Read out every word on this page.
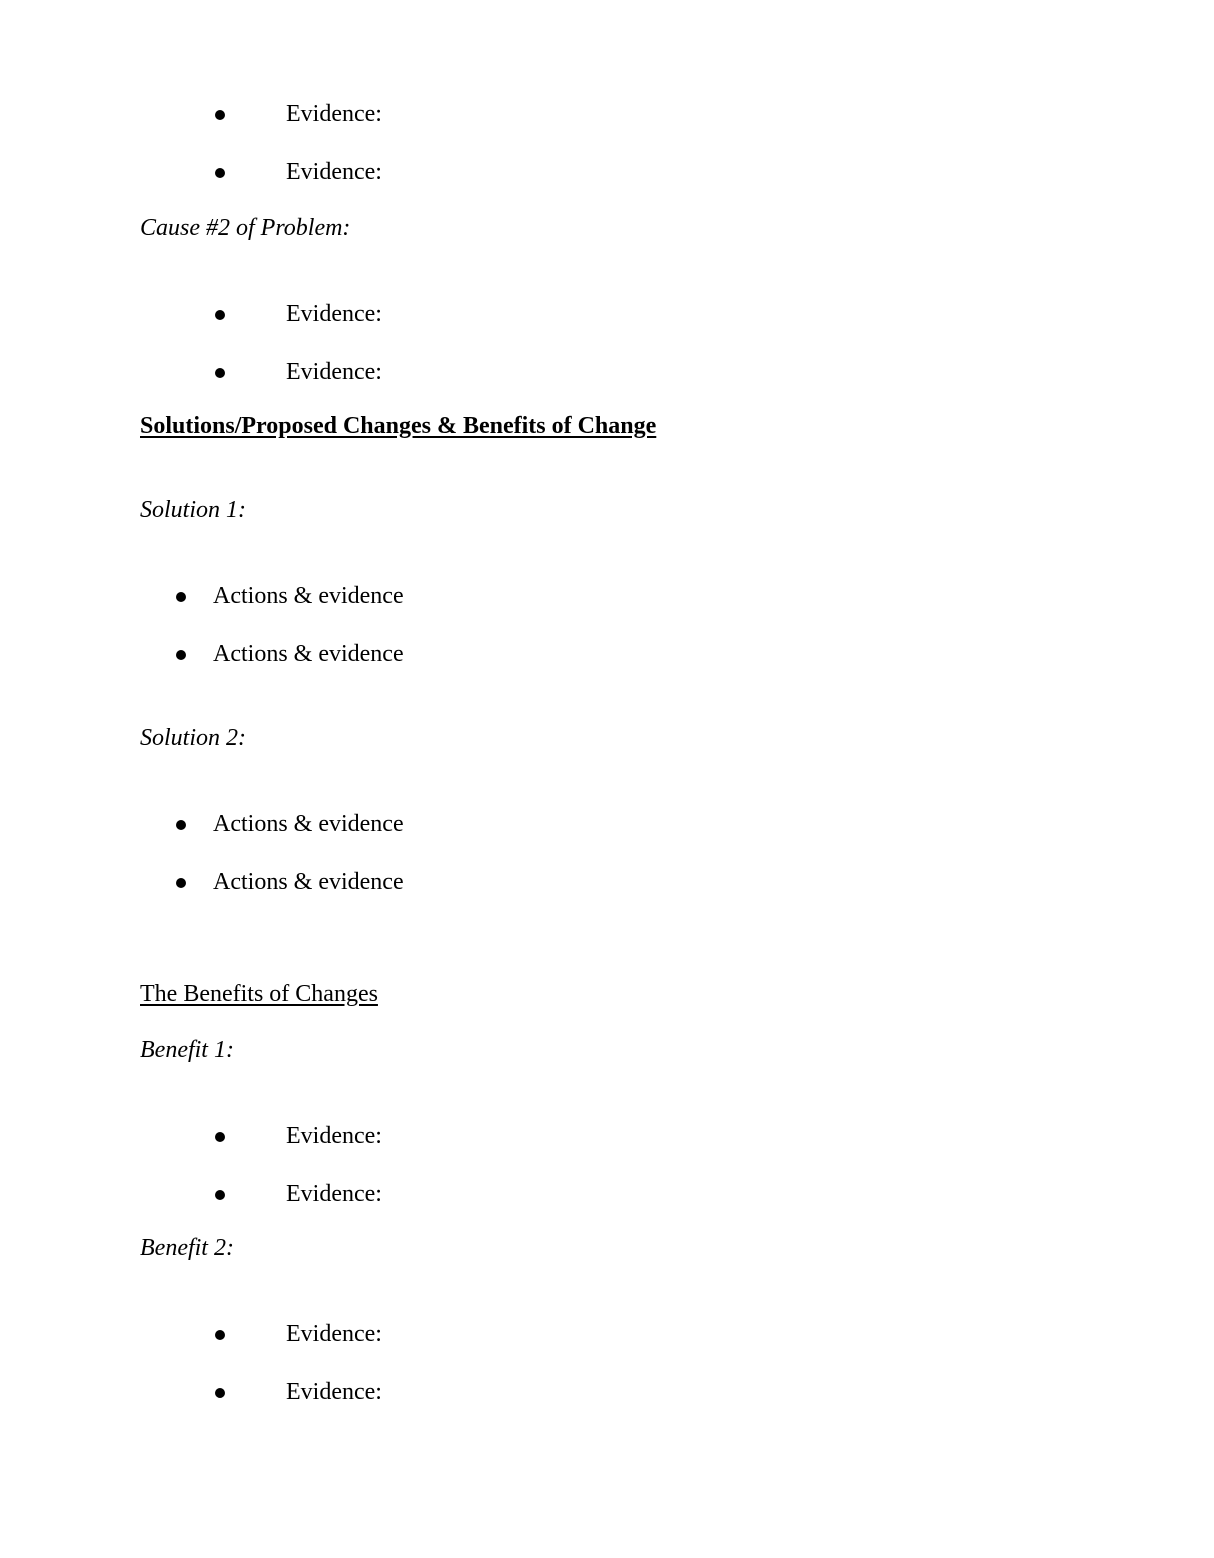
Evidence:
Evidence:
Cause #2 of Problem:
Evidence:
Evidence:
Solutions/Proposed Changes & Benefits of Change
Solution 1:
Actions & evidence
Actions & evidence
Solution 2:
Actions & evidence
Actions & evidence
The Benefits of Changes
Benefit 1:
Evidence:
Evidence:
Benefit 2:
Evidence:
Evidence:
